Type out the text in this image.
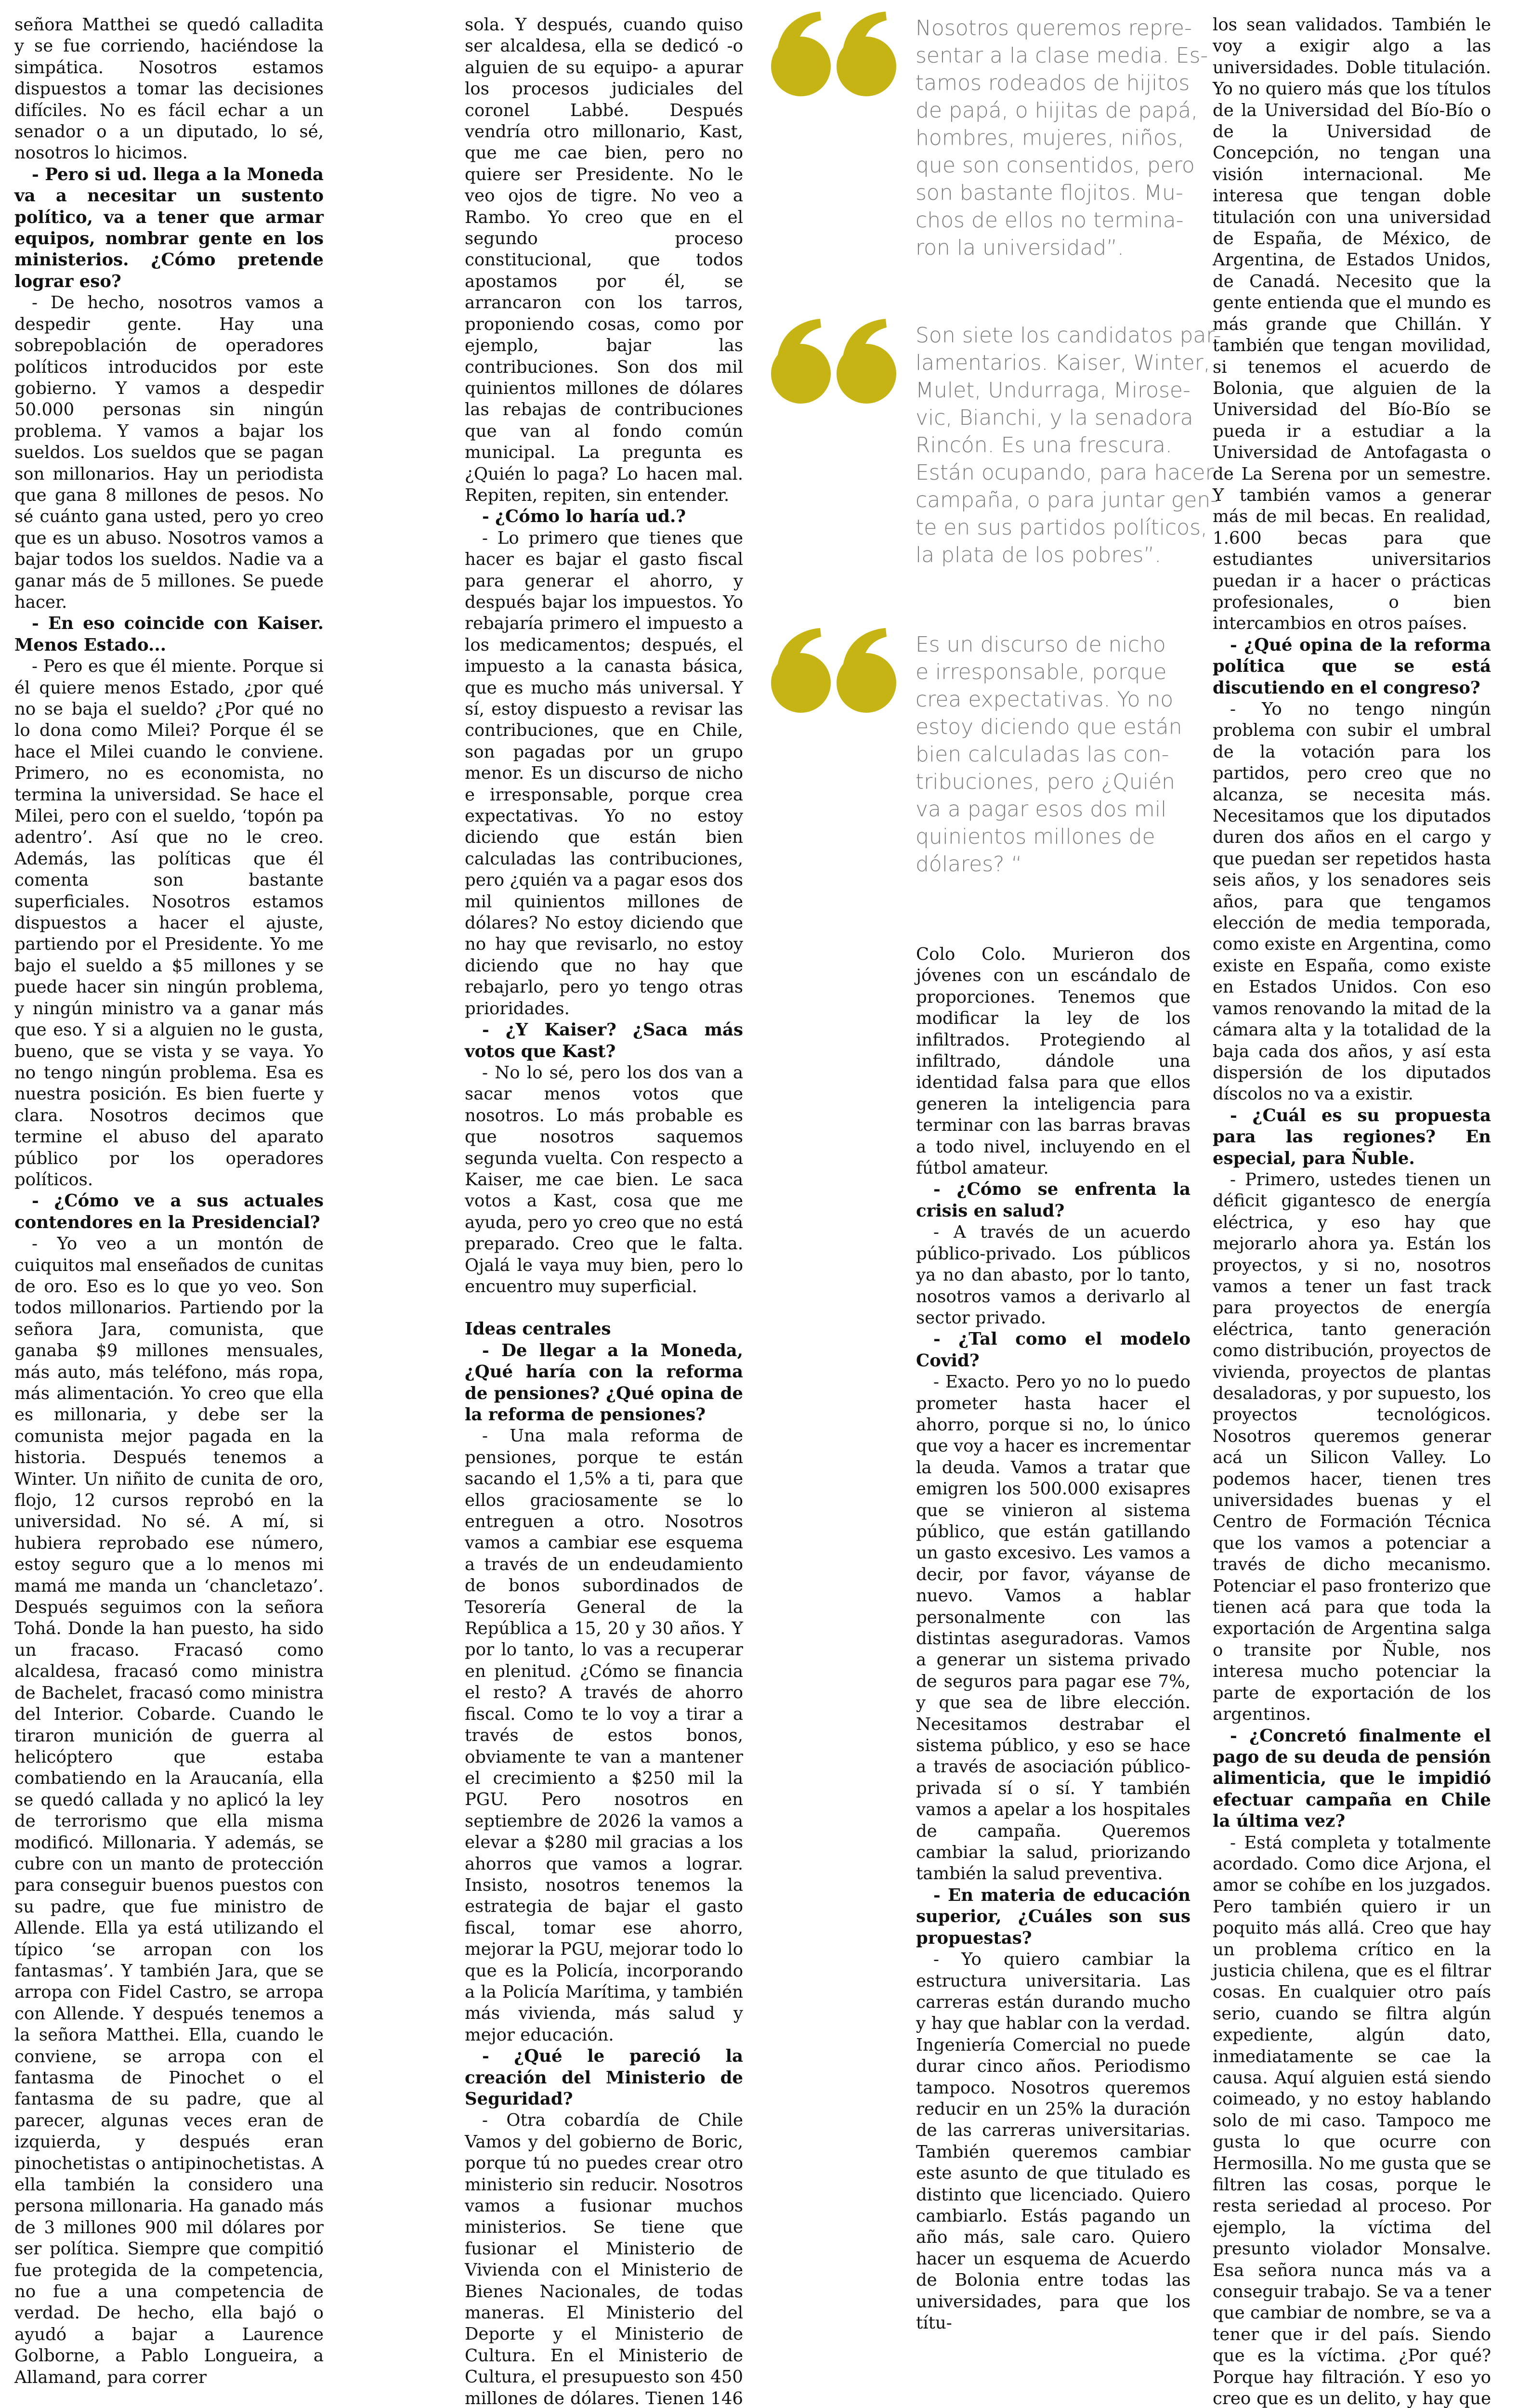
señora Matthei se quedó calladita y se fue corriendo, haciéndose la simpática. Nosotros estamos dispuestos a tomar las decisiones difíciles. No es fácil echar a un senador o a un diputado, lo sé, nosotros lo hicimos.

- Pero si ud. llega a la Moneda va a necesitar un sustento político, va a tener que armar equipos, nombrar gente en los ministerios. ¿Cómo pretende lograr eso?

- De hecho, nosotros vamos a despedir gente. Hay una sobrepoblación de operadores políticos introducidos por este gobierno. Y vamos a despedir 50.000 personas sin ningún problema. Y vamos a bajar los sueldos. Los sueldos que se pagan son millonarios. Hay un periodista que gana 8 millones de pesos. No sé cuánto gana usted, pero yo creo que es un abuso. Nosotros vamos a bajar todos los sueldos. Nadie va a ganar más de 5 millones. Se puede hacer.

- En eso coincide con Kaiser. Menos Estado...

- Pero es que él miente. Porque si él quiere menos Estado, ¿por qué no se baja el sueldo? ¿Por qué no lo dona como Milei? Porque él se hace el Milei cuando le conviene. Primero, no es economista, no termina la universidad. Se hace el Milei, pero con el sueldo, ‘topón pa adentro’. Así que no le creo. Además, las políticas que él comenta son bastante superficiales. Nosotros estamos dispuestos a hacer el ajuste, partiendo por el Presidente. Yo me bajo el sueldo a $5 millones y se puede hacer sin ningún problema, y ningún ministro va a ganar más que eso. Y si a alguien no le gusta, bueno, que se vista y se vaya. Yo no tengo ningún problema. Esa es nuestra posición. Es bien fuerte y clara. Nosotros decimos que termine el abuso del aparato público por los operadores políticos.

- ¿Cómo ve a sus actuales contendores en la Presidencial?

- Yo veo a un montón de cuiquitos mal enseñados de cunitas de oro. Eso es lo que yo veo. Son todos millonarios. Partiendo por la señora Jara, comunista, que ganaba $9 millones mensuales, más auto, más teléfono, más ropa, más alimentación. Yo creo que ella es millonaria, y debe ser la comunista mejor pagada en la historia. Después tenemos a Winter. Un niñito de cunita de oro, flojo, 12 cursos reprobó en la universidad. No sé. A mí, si hubiera reprobado ese número, estoy seguro que a lo menos mi mamá me manda un ‘chancletazo’. Después seguimos con la señora Tohá. Donde la han puesto, ha sido un fracaso. Fracasó como alcaldesa, fracasó como ministra de Bachelet, fracasó como ministra del Interior. Cobarde. Cuando le tiraron munición de guerra al helicóptero que estaba combatiendo en la Araucanía, ella se quedó callada y no aplicó la ley de terrorismo que ella misma modificó. Millonaria. Y además, se cubre con un manto de protección para conseguir buenos puestos con su padre, que fue ministro de Allende. Ella ya está utilizando el típico ‘se arropan con los fantasmas’. Y también Jara, que se arropa con Fidel Castro, se arropa con Allende. Y después tenemos a la señora Matthei. Ella, cuando le conviene, se arropa con el fantasma de Pinochet o el fantasma de su padre, que al parecer, algunas veces eran de izquierda, y después eran pinochetistas o antipinochetistas. A ella también la considero una persona millonaria. Ha ganado más de 3 millones 900 mil dólares por ser política. Siempre que compitió fue protegida de la competencia, no fue a una competencia de verdad. De hecho, ella bajó o ayudó a bajar a Laurence Golborne, a Pablo Longueira, a Allamand, para correr

sola. Y después, cuando quiso ser alcaldesa, ella se dedicó -o alguien de su equipo- a apurar los procesos judiciales del coronel Labbé. Después vendría otro millonario, Kast, que me cae bien, pero no quiere ser Presidente. No le veo ojos de tigre. No veo a Rambo. Yo creo que en el segundo proceso constitucional, que todos apostamos por él, se arrancaron con los tarros, proponiendo cosas, como por ejemplo, bajar las contribuciones. Son dos mil quinientos millones de dólares las rebajas de contribuciones que van al fondo común municipal. La pregunta es ¿Quién lo paga? Lo hacen mal. Repiten, repiten, sin entender.

- ¿Cómo lo haría ud.?

- Lo primero que tienes que hacer es bajar el gasto fiscal para generar el ahorro, y después bajar los impuestos. Yo rebajaría primero el impuesto a los medicamentos; después, el impuesto a la canasta básica, que es mucho más universal. Y sí, estoy dispuesto a revisar las contribuciones, que en Chile, son pagadas por un grupo menor. Es un discurso de nicho e irresponsable, porque crea expectativas. Yo no estoy diciendo que están bien calculadas las contribuciones, pero ¿quién va a pagar esos dos mil quinientos millones de dólares? No estoy diciendo que no hay que revisarlo, no estoy diciendo que no hay que rebajarlo, pero yo tengo otras prioridades.

- ¿Y Kaiser? ¿Saca más votos que Kast?

- No lo sé, pero los dos van a sacar menos votos que nosotros. Lo más probable es que nosotros saquemos segunda vuelta. Con respecto a Kaiser, me cae bien. Le saca votos a Kast, cosa que me ayuda, pero yo creo que no está preparado. Creo que le falta. Ojalá le vaya muy bien, pero lo encuentro muy superficial.

Ideas centrales

- De llegar a la Moneda, ¿Qué haría con la reforma de pensiones? ¿Qué opina de la reforma de pensiones?

- Una mala reforma de pensiones, porque te están sacando el 1,5% a ti, para que ellos graciosamente se lo entreguen a otro. Nosotros vamos a cambiar ese esquema a través de un endeudamiento de bonos subordinados de Tesorería General de la República a 15, 20 y 30 años. Y por lo tanto, lo vas a recuperar en plenitud. ¿Cómo se financia el resto? A través de ahorro fiscal. Como te lo voy a tirar a través de estos bonos, obviamente te van a mantener el crecimiento a $250 mil la PGU. Pero nosotros en septiembre de 2026 la vamos a elevar a $280 mil gracias a los ahorros que vamos a lograr. Insisto, nosotros tenemos la estrategia de bajar el gasto fiscal, tomar ese ahorro, mejorar la PGU, mejorar todo lo que es la Policía, incorporando a la Policía Marítima, y también más vivienda, más salud y mejor educación.

- ¿Qué le pareció la creación del Ministerio de Seguridad?

- Otra cobardía de Chile Vamos y del gobierno de Boric, porque tú no puedes crear otro ministerio sin reducir. Nosotros vamos a fusionar muchos ministerios. Se tiene que fusionar el Ministerio de Vivienda con el Ministerio de Bienes Nacionales, de todas maneras. El Ministerio del Deporte y el Ministerio de Cultura. En el Ministerio de Cultura, el presupuesto son 450 millones de dólares. Tienen 146

Nosotros queremos repre-
sentar a la clase media. Es-
tamos rodeados de hijitos
de papá, o hijitas de papá,
hombres, mujeres, niños,
que son consentidos, pero
son bastante flojitos. Mu-
chos de ellos no termina-
ron la universidad”.
Son siete los candidatos par-
lamentarios. Kaiser, Winter,
Mulet, Undurraga, Mirose-
vic, Bianchi, y la senadora
Rincón. Es una frescura.
Están ocupando, para hacer
campaña, o para juntar gen-
te en sus partidos políticos,
la plata de los pobres”.
Es un discurso de nicho
e irresponsable, porque
crea expectativas. Yo no
estoy diciendo que están
bien calculadas las con-
tribuciones, pero ¿Quién
va a pagar esos dos mil
quinientos millones de
dólares? “

Colo Colo. Murieron dos jóvenes con un escándalo de proporciones. Tenemos que modificar la ley de los infiltrados. Protegiendo al infiltrado, dándole una identidad falsa para que ellos generen la inteligencia para terminar con las barras bravas a todo nivel, incluyendo en el fútbol amateur.

- ¿Cómo se enfrenta la crisis en salud?

- A través de un acuerdo público-privado. Los públicos ya no dan abasto, por lo tanto, nosotros vamos a derivarlo al sector privado.

- ¿Tal como el modelo Covid?

- Exacto. Pero yo no lo puedo prometer hasta hacer el ahorro, porque si no, lo único que voy a hacer es incrementar la deuda. Vamos a tratar que emigren los 500.000 exisapres que se vinieron al sistema público, que están gatillando un gasto excesivo. Les vamos a decir, por favor, váyanse de nuevo. Vamos a hablar personalmente con las distintas aseguradoras. Vamos a generar un sistema privado de seguros para pagar ese 7%, y que sea de libre elección. Necesitamos destrabar el sistema público, y eso se hace a través de asociación público-privada sí o sí. Y también vamos a apelar a los hospitales de campaña. Queremos cambiar la salud, priorizando también la salud preventiva.

- En materia de educación superior, ¿Cuáles son sus propuestas?

- Yo quiero cambiar la estructura universitaria. Las carreras están durando mucho y hay que hablar con la verdad. Ingeniería Comercial no puede durar cinco años. Periodismo tampoco. Nosotros queremos reducir en un 25% la duración de las carreras universitarias. También queremos cambiar este asunto de que titulado es distinto que licenciado. Quiero cambiarlo. Estás pagando un año más, sale caro. Quiero hacer un esquema de Acuerdo de Bolonia entre todas las universidades, para que los títu-

los sean validados. También le voy a exigir algo a las universidades. Doble titulación. Yo no quiero más que los títulos de la Universidad del Bío-Bío o de la Universidad de Concepción, no tengan una visión internacional. Me interesa que tengan doble titulación con una universidad de España, de México, de Argentina, de Estados Unidos, de Canadá. Necesito que la gente entienda que el mundo es más grande que Chillán. Y también que tengan movilidad, si tenemos el acuerdo de Bolonia, que alguien de la Universidad del Bío-Bío se pueda ir a estudiar a la Universidad de Antofagasta o de La Serena por un semestre. Y también vamos a generar más de mil becas. En realidad, 1.600 becas para que estudiantes universitarios puedan ir a hacer o prácticas profesionales, o bien intercambios en otros países.

- ¿Qué opina de la reforma política que se está discutiendo en el congreso?

- Yo no tengo ningún problema con subir el umbral de la votación para los partidos, pero creo que no alcanza, se necesita más. Necesitamos que los diputados duren dos años en el cargo y que puedan ser repetidos hasta seis años, y los senadores seis años, para que tengamos elección de media temporada, como existe en Argentina, como existe en España, como existe en Estados Unidos. Con eso vamos renovando la mitad de la cámara alta y la totalidad de la baja cada dos años, y así esta dispersión de los diputados díscolos no va a existir.

- ¿Cuál es su propuesta para las regiones? En especial, para Ñuble.

- Primero, ustedes tienen un déficit gigantesco de energía eléctrica, y eso hay que mejorarlo ahora ya. Están los proyectos, y si no, nosotros vamos a tener un fast track para proyectos de energía eléctrica, tanto generación como distribución, proyectos de vivienda, proyectos de plantas desaladoras, y por supuesto, los proyectos tecnológicos. Nosotros queremos generar acá un Silicon Valley. Lo podemos hacer, tienen tres universidades buenas y el Centro de Formación Técnica que los vamos a potenciar a través de dicho mecanismo. Potenciar el paso fronterizo que tienen acá para que toda la exportación de Argentina salga o transite por Ñuble, nos interesa mucho potenciar la parte de exportación de los argentinos.

- ¿Concretó finalmente el pago de su deuda de pensión alimenticia, que le impidió efectuar campaña en Chile la última vez?

- Está completa y totalmente acordado. Como dice Arjona, el amor se cohíbe en los juzgados. Pero también quiero ir un poquito más allá. Creo que hay un problema crítico en la justicia chilena, que es el filtrar cosas. En cualquier otro país serio, cuando se filtra algún expediente, algún dato, inmediatamente se cae la causa. Aquí alguien está siendo coimeado, y no estoy hablando solo de mi caso. Tampoco me gusta lo que ocurre con Hermosilla. No me gusta que se filtren las cosas, porque le resta seriedad al proceso. Por ejemplo, la víctima del presunto violador Monsalve. Esa señora nunca más va a conseguir trabajo. Se va a tener que cambiar de nombre, se va a tener que ir del país. Siendo que es la víctima. ¿Por qué? Porque hay filtración. Y eso yo creo que es un delito, y hay que
